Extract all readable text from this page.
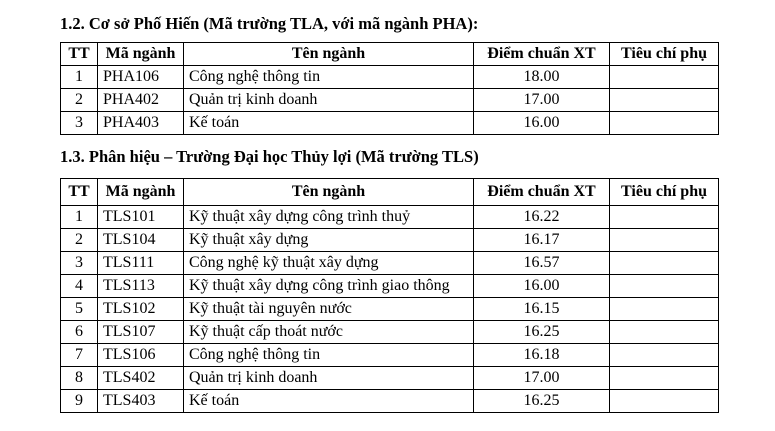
1.2. Cơ sở Phố Hiến (Mã trường TLA, với mã ngành PHA):
TT	Mã ngành	Tên ngành	Điểm chuẩn XT	Tiêu chí phụ
1	PHA106	Công nghệ thông tin	18.00	
2	PHA402	Quản trị kinh doanh	17.00	
3	PHA403	Kế toán	16.00	
1.3. Phân hiệu – Trường Đại học Thủy lợi (Mã trường TLS)
TT	Mã ngành	Tên ngành	Điểm chuẩn XT	Tiêu chí phụ
1	TLS101	Kỹ thuật xây dựng công trình thuỷ	16.22	
2	TLS104	Kỹ thuật xây dựng	16.17	
3	TLS111	Công nghệ kỹ thuật xây dựng	16.57	
4	TLS113	Kỹ thuật xây dựng công trình giao thông	16.00	
5	TLS102	Kỹ thuật tài nguyên nước	16.15	
6	TLS107	Kỹ thuật cấp thoát nước	16.25	
7	TLS106	Công nghệ thông tin	16.18	
8	TLS402	Quản trị kinh doanh	17.00	
9	TLS403	Kế toán	16.25	
